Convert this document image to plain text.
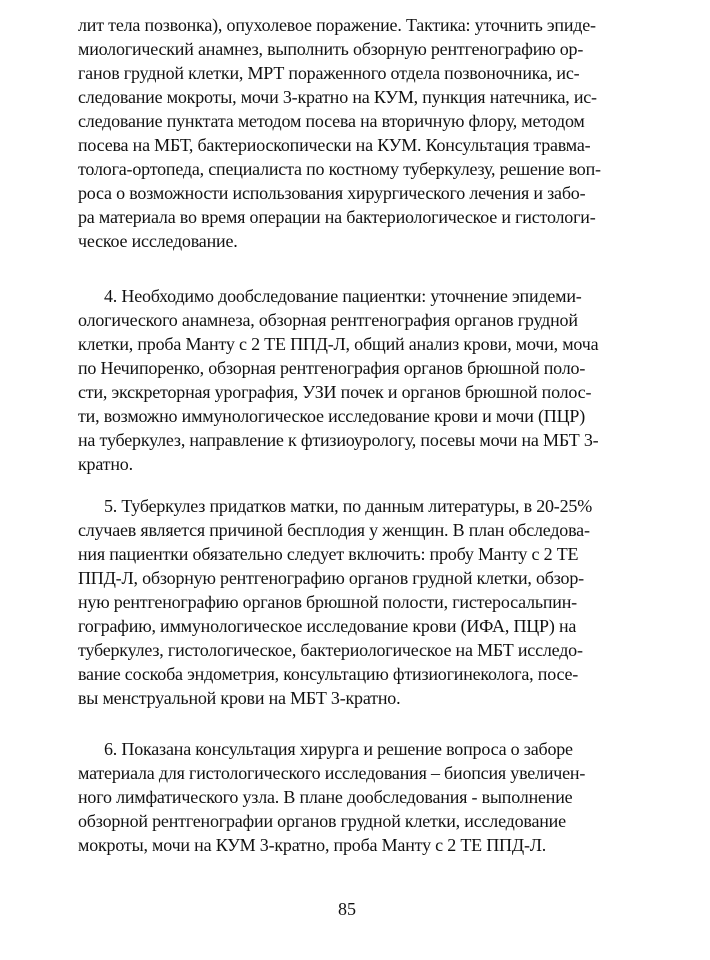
лит тела позвонка), опухолевое поражение. Тактика: уточнить эпиде-
миологический анамнез, выполнить обзорную рентгенографию ор-
ганов грудной клетки, МРТ пораженного отдела позвоночника, ис-
следование мокроты, мочи 3-кратно на КУМ, пункция натечника, ис-
следование пунктата методом посева на вторичную флору, методом
посева на МБТ, бактериоскопически на КУМ. Консультация травма-
толога-ортопеда, специалиста по костному туберкулезу, решение воп-
роса о возможности использования хирургического лечения и забо-
ра материала во время операции на бактериологическое и гистологи-
ческое исследование.
4. Необходимо дообследование пациентки: уточнение эпидеми-
ологического анамнеза, обзорная рентгенография органов грудной
клетки, проба Манту с 2 ТЕ ППД-Л, общий анализ крови, мочи, моча
по Нечипоренко, обзорная рентгенография органов брюшной поло-
сти, экскреторная урография, УЗИ почек и органов брюшной полос-
ти, возможно иммунологическое исследование крови и мочи (ПЦР)
на туберкулез, направление к фтизиоурологу, посевы мочи на МБТ 3-
кратно.
5. Туберкулез придатков матки, по данным литературы, в 20-25%
случаев является причиной бесплодия у женщин. В план обследова-
ния пациентки обязательно следует включить: пробу Манту с 2 ТЕ
ППД-Л, обзорную рентгенографию органов грудной клетки, обзор-
ную рентгенографию органов брюшной полости, гистеросальпин-
гографию, иммунологическое исследование крови (ИФА, ПЦР) на
туберкулез, гистологическое, бактериологическое на МБТ исследо-
вание соскоба эндометрия, консультацию фтизиогинеколога, посе-
вы менструальной крови на МБТ 3-кратно.
6. Показана консультация хирурга и решение вопроса о заборе
материала для гистологического исследования – биопсия увеличен-
ного лимфатического узла. В плане дообследования - выполнение
обзорной рентгенографии органов грудной клетки, исследование
мокроты, мочи на КУМ 3-кратно, проба Манту с 2 ТЕ ППД-Л.
85
